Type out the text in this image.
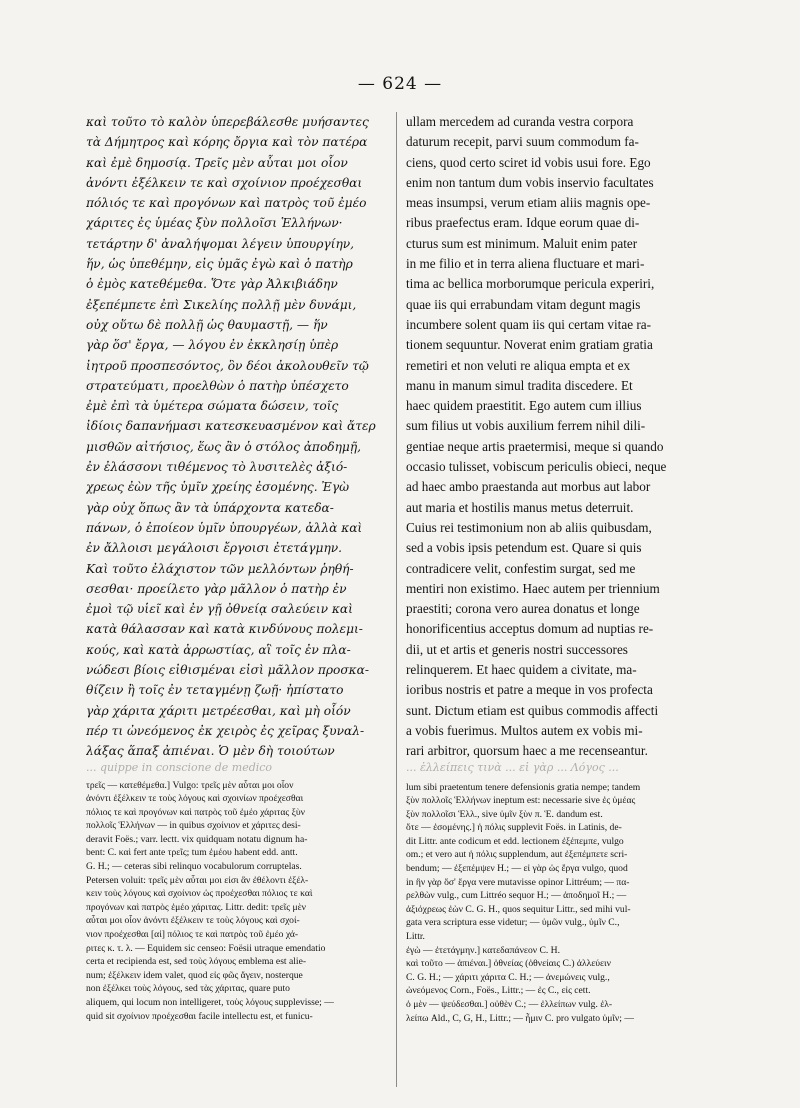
— 624 —
καὶ τοῦτο τὸ καλὸν ὑπερεβάλεσθε μυήσαντες
τὰ Δήμητρος καὶ κόρης ὄργια καὶ τὸν πατέρα
καὶ ἐμὲ δημοσίᾳ. Τρεῖς μὲν αὗται μοι οἷον
ἀνόντι ἐξέλκειν τε καὶ σχοίνιον προέχεσθαι
πόλιός τε καὶ προγόνων καὶ πατρὸς τοῦ ἐμέο
χάριτες ἐς ὑμέας ξὺν πολλοῖσι Ἑλλήνων·
τετάρτην δ' ἀναλήψομαι λέγειν ὑπουργίην,
ἥν, ὡς ὑπεθέμην, εἰς ὑμᾶς ἐγὼ καὶ ὁ πατὴρ
ὁ ἐμὸς κατεθέμεθα. Ὅτε γὰρ Ἀλκιβιάδην
ἐξεπέμπετε ἐπὶ Σικελίης πολλῇ μὲν δυνάμι,
οὐχ οὕτω δὲ πολλῇ ὡς θαυμαστῇ, — ἥν
γὰρ ὅσ' ἔργα, — λόγου ἐν ἐκκλησίῃ ὑπὲρ
ἰητροῦ προσπεσόντος, ὃν δέοι ἀκολουθεῖν τῷ
στρατεύματι, προελθὼν ὁ πατὴρ ὑπέσχετο
ἐμὲ ἐπὶ τὰ ὑμέτερα σώματα δώσειν, τοῖς
ἰδίοις δαπανήμασι κατεσκευασμένον καὶ ἄτερ
μισθῶν αἰτήσιος, ἕως ἂν ὁ στόλος ἀποδημῇ,
ἐν ἐλάσσονι τιθέμενος τὸ λυσιτελὲς ἀξιό-
χρεως ἐὼν τῆς ὑμῖν χρείης ἐσομένης. Ἐγὼ
γὰρ οὐχ ὅπως ἂν τὰ ὑπάρχοντα κατεδα-
πάνων, ὁ ἐποίεον ὑμῖν ὑπουργέων, ἀλλὰ καὶ
ἐν ἄλλοισι μεγάλοισι ἔργοισι ἐτετάγμην.
Καὶ τοῦτο ἐλάχιστον τῶν μελλόντων ῥηθή-
σεσθαι· προείλετο γὰρ μᾶλλον ὁ πατὴρ ἐν
ἐμοὶ τῷ υἱεῖ καὶ ἐν γῇ ὀθνείᾳ σαλεύειν καὶ
κατὰ θάλασσαν καὶ κατὰ κινδύνους πολεμι-
κούς, καὶ κατὰ ἀρρωστίας, αἳ τοῖς ἐν πλα-
νώδεσι βίοις εἰθισμέναι εἰσὶ μᾶλλον προσκα-
θίζειν ἢ τοῖς ἐν τεταγμένῃ ζωῇ· ἠπίστατο
γὰρ χάριτα χάριτι μετρέεσθαι, καὶ μὴ οἷόν
πέρ τι ὠνεόμενος ἐκ χειρὸς ἐς χεῖρας ξυναλ-
λάξας ἅπαξ ἀπιέναι. Ὁ μὲν δὴ τοιούτων
... quippe in conscione de medico
τρεῖς — κατεθέμεθα.] Vulgo: τρεῖς μὲν αὗται μοι οἷον
ἀνόντι ἐξέλκειν τε τοὺς λόγους καὶ σχοινίων προέχεσθαι
πόλιος τε καὶ προγόνων καὶ πατρὸς τοῦ ἐμέο χάριτας ξὺν
πολλοῖς Ἑλλήνων — in quibus σχοίνιον et χάριτες desi-
deravit Foës.; varr. lectt. vix quidquam notatu dignum ha-
bent: C. καὶ fert ante τρεῖς; tum ἐμέου habent edd. antt.
G. H.; — ceteras sibi relinquo vocabulorum corruptelas.
Petersen voluit: τρεῖς μὲν αὗται μοι εἰσι ἂν ἐθέλοντι ἐξέλ-
κειν τοὺς λόγους καὶ σχοίνιον ὡς προέχεσθαι πόλιος τε καὶ
προγόνων καὶ πατρὸς ἐμέο χάριτας. Littr. dedit: τρεῖς μὲν
αὗται μοι οἷον ἀνόντι ἐξέλκειν τε τοὺς λόγους καὶ σχοί-
νιον προέχεσθαι [αἱ] πόλιος τε καὶ πατρὸς τοῦ ἐμέο χά-
ριτες κ. τ. λ. — Equidem sic censeo: Foësii utraque emendatio
certa et recipienda est, sed τοὺς λόγους emblema est alie-
num; ἐξέλκειν idem valet, quod εἰς φῶς ἄγειν, nosterque
non ἐξέλκει τοὺς λόγους, sed τὰς χάριτας, quare puto
aliquem, qui locum non intelligeret, τοὺς λόγους supplevisse; —
quid sit σχοίνιον προέχεσθαι facile intellectu est, et funicu-
ullam mercedem ad curanda vestra corpora
daturum recepit, parvi suum commodum fa-
ciens, quod certo sciret id vobis usui fore. Ego
enim non tantum dum vobis inservio facultates
meas insumpsi, verum etiam aliis magnis ope-
ribus praefectus eram. Idque eorum quae di-
cturus sum est minimum. Maluit enim pater
in me filio et in terra aliena fluctuare et mari-
tima ac bellica morborumque pericula experiri,
quae iis qui errabundam vitam degunt magis
incumbere solent quam iis qui certam vitae ra-
tionem sequuntur. Noverat enim gratiam gratia
remetiri et non veluti re aliqua empta et ex
manu in manum simul tradita discedere. Et
haec quidem praestitit. Ego autem cum illius
sum filius ut vobis auxilium ferrem nihil dili-
gentiae neque artis praetermisi, meque si quando
occasio tulisset, vobiscum periculis obieci, neque
ad haec ambo praestanda aut morbus aut labor
aut maria et hostilis manus metus deterruit.
Cuius rei testimonium non ab aliis quibusdam,
sed a vobis ipsis petendum est. Quare si quis
contradicere velit, confestim surgat, sed me
mentiri non existimo. Haec autem per triennium
praestiti; corona vero aurea donatus et longe
honorificentius acceptus domum ad nuptias re-
dii, ut et artis et generis nostri successores
relinquerem. Et haec quidem a civitate, ma-
ioribus nostris et patre a meque in vos profecta
sunt. Dictum etiam est quibus commodis affecti
a vobis fuerimus. Multos autem ex vobis mi-
rari arbitror, quorsum haec a me recenseantur.
... ἐλλείπεις τινὰ ... εἰ γὰρ ... Λόγος ...
lum sibi praetentum tenere defensionis gratia nempe; tandem
ξὺν πολλοῖς Ἑλλήνων ineptum est: necessarie sive ἐς ὑμέας
ξὺν πολλοῖσι Ἑλλ., sive ὑμῖν ξὺν π. Ἑ. dandum est.
ὅτε — ἐσομένης.] ἡ πόλις supplevit Foës. in Latinis, de-
dit Littr. ante codicum et edd. lectionem ἐξέπεμπε, vulgo
om.; et vero aut ἡ πόλις supplendum, aut ἐξεπέμπετε scri-
bendum; — ἐξεπέμψεν H.; — εἰ γὰρ ὡς ἔργα vulgo, quod
in ἣν γὰρ ὅσ' ἔργα vere mutavisse opinor Littréum; — πα-
ρελθὼν vulg., cum Littréo sequor H.; — ἀποδημοῖ H.; —
ἀξιόχρεως ἐὼν C. G. H., quos sequitur Littr., sed mihi vul-
gata vera scriptura esse videtur; — ὑμῶν vulg., ὑμῖν C.,
Littr.
ἐγὼ — ἐτετάγμην.] κατεδαπάνεον C. H.
καὶ τοῦτο — ἀπιέναι.] ὀθνείας (ὀθνείαις C.) ἀλλεύειν
C. G. H.; — χάριτι χάριτα C. H.; — ἀνεμώνεις vulg.,
ὠνεόμενος Corn., Foës., Littr.; — ἐς C., εἰς cett.
ὁ μὲν — ψεύδεσθαι.] οὐθὲν C.; — ἐλλείπων vulg. ἐλ-
λείπω Ald., C, G, H., Littr.; — ἦμιν C. pro vulgato ὑμῖν; —
